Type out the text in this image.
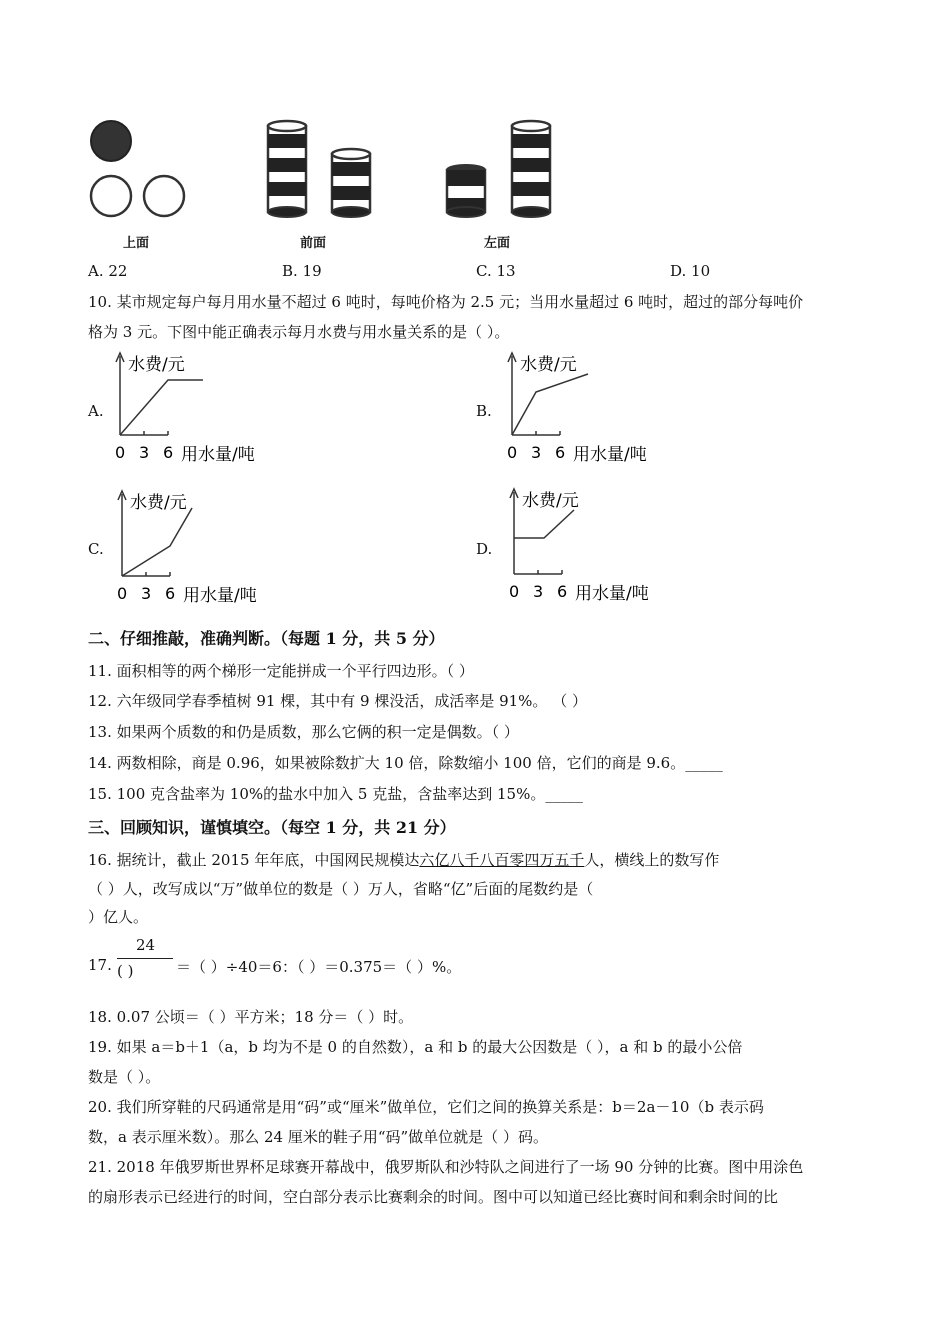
上面	前面	左面
A. 22	B. 19	C. 13	D. 10
10. 某市规定每户每月用水量不超过 6 吨时，每吨价格为 2.5 元；当用水量超过 6 吨时，超过的部分每吨价
格为 3 元。下图中能正确表示每月水费与用水量关系的是（ ）。
A.
水费/元
0 3 6 用水量/吨
B.
水费/元
0 3 6 用水量/吨
C.
水费/元
0 3 6 用水量/吨
D.
水费/元
0 3 6 用水量/吨
二、仔细推敲，准确判断。（每题 1 分，共 5 分）
11. 面积相等的两个梯形一定能拼成一个平行四边形。（ ）
12. 六年级同学春季植树 91 棵，其中有 9 棵没活，成活率是 91%。 （ ）
13. 如果两个质数的和仍是质数，那么它俩的积一定是偶数。（ ）
14. 两数相除，商是 0.96，如果被除数扩大 10 倍，除数缩小 100 倍，它们的商是 9.6。_____
15. 100 克含盐率为 10%的盐水中加入 5 克盐，含盐率达到 15%。_____
三、回顾知识，谨慎填空。（每空 1 分，共 21 分）
16. 据统计，截止 2015 年年底，中国网民规模达六亿八千八百零四万五千人，横线上的数写作
（ ）人，改写成以“万”做单位的数是（ ）万人，省略“亿”后面的尾数约是（
）亿人。
17.
24
( )	＝（ ）÷40＝6：（ ）＝0.375＝（ ）%。
18. 0.07 公顷＝（ ）平方米；18 分＝（ ）时。
19. 如果 a＝b＋1（a，b 均为不是 0 的自然数），a 和 b 的最大公因数是（ ），a 和 b 的最小公倍
数是（ ）。
20. 我们所穿鞋的尺码通常是用“码”或“厘米”做单位，它们之间的换算关系是：b＝2a－10（b 表示码
数，a 表示厘米数）。那么 24 厘米的鞋子用“码”做单位就是（ ）码。
21. 2018 年俄罗斯世界杯足球赛开幕战中，俄罗斯队和沙特队之间进行了一场 90 分钟的比赛。图中用涂色
的扇形表示已经进行的时间，空白部分表示比赛剩余的时间。图中可以知道已经比赛时间和剩余时间的比
